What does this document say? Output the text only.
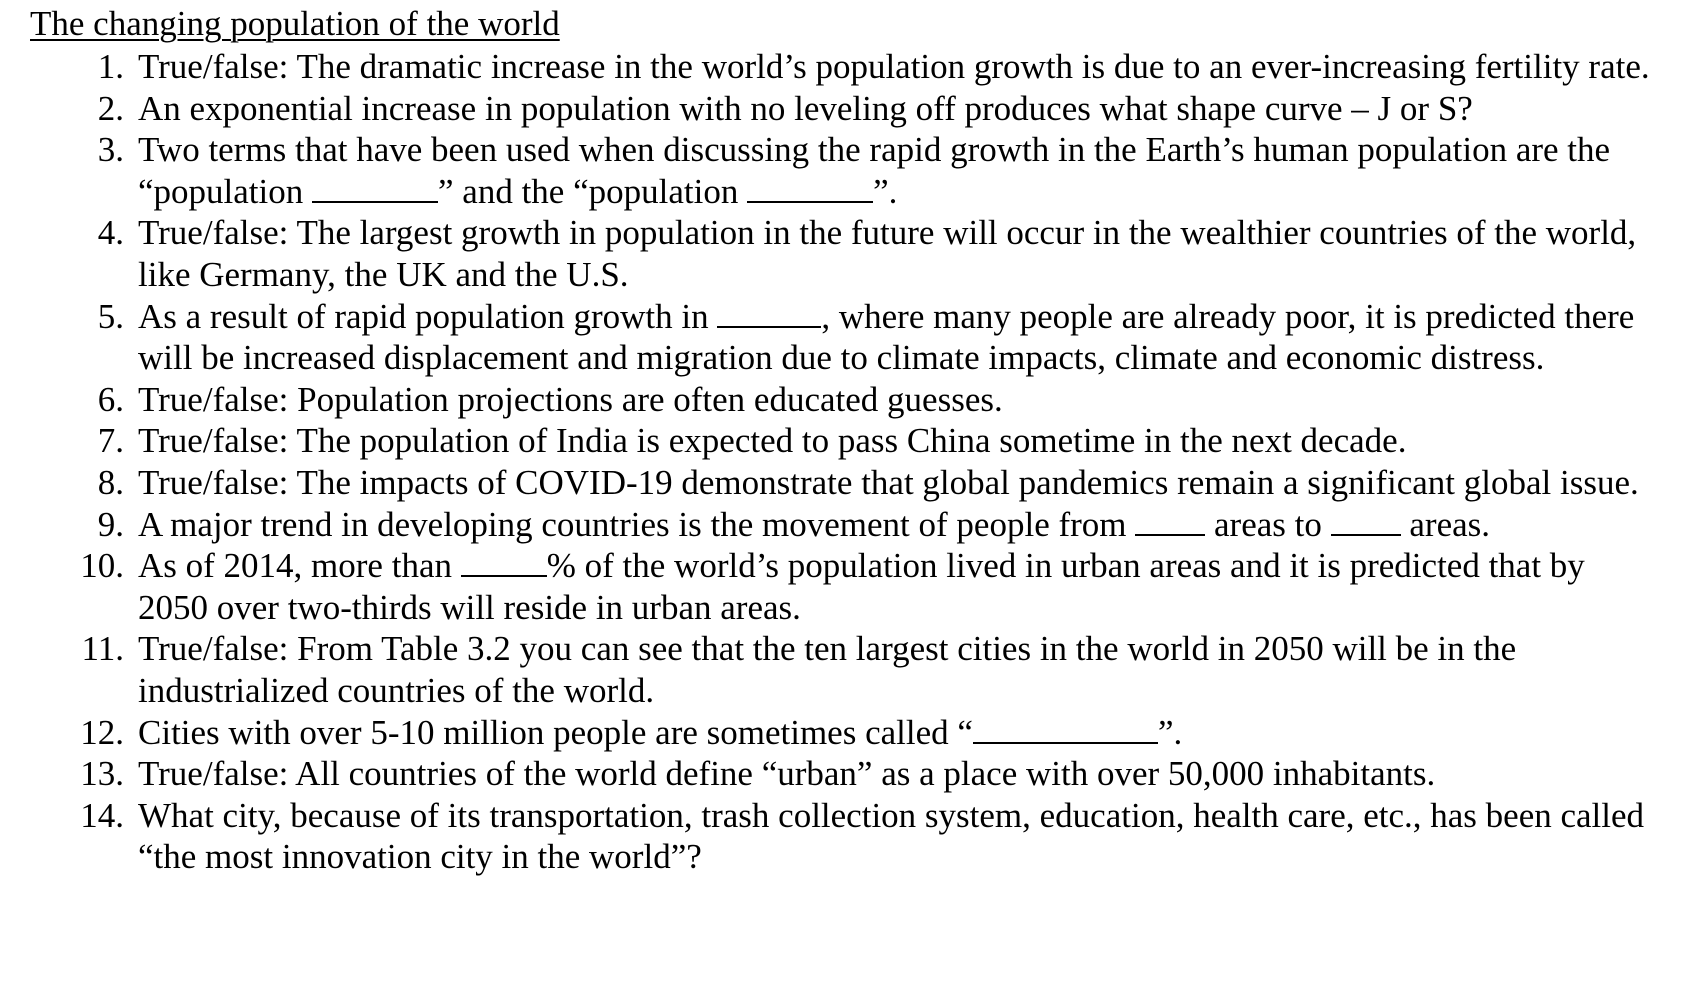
The changing population of the world
1. True/false: The dramatic increase in the world’s population growth is due to an ever-increasing fertility rate.
2. An exponential increase in population with no leveling off produces what shape curve – J or S?
3. Two terms that have been used when discussing the rapid growth in the Earth’s human population are the “population	” and the “population	”.
4. True/false: The largest growth in population in the future will occur in the wealthier countries of the world, like Germany, the UK and the U.S.
5. As a result of rapid population growth in	, where many people are already poor, it is predicted there will be increased displacement and migration due to climate impacts, climate and economic distress.
6. True/false: Population projections are often educated guesses.
7. True/false: The population of India is expected to pass China sometime in the next decade.
8. True/false: The impacts of COVID-19 demonstrate that global pandemics remain a significant global issue.
9. A major trend in developing countries is the movement of people from	areas to	areas.
10. As of 2014, more than	% of the world’s population lived in urban areas and it is predicted that by 2050 over two-thirds will reside in urban areas.
11. True/false: From Table 3.2 you can see that the ten largest cities in the world in 2050 will be in the industrialized countries of the world.
12. Cities with over 5-10 million people are sometimes called “	”.
13. True/false: All countries of the world define “urban” as a place with over 50,000 inhabitants.
14. What city, because of its transportation, trash collection system, education, health care, etc., has been called “the most innovation city in the world”?
